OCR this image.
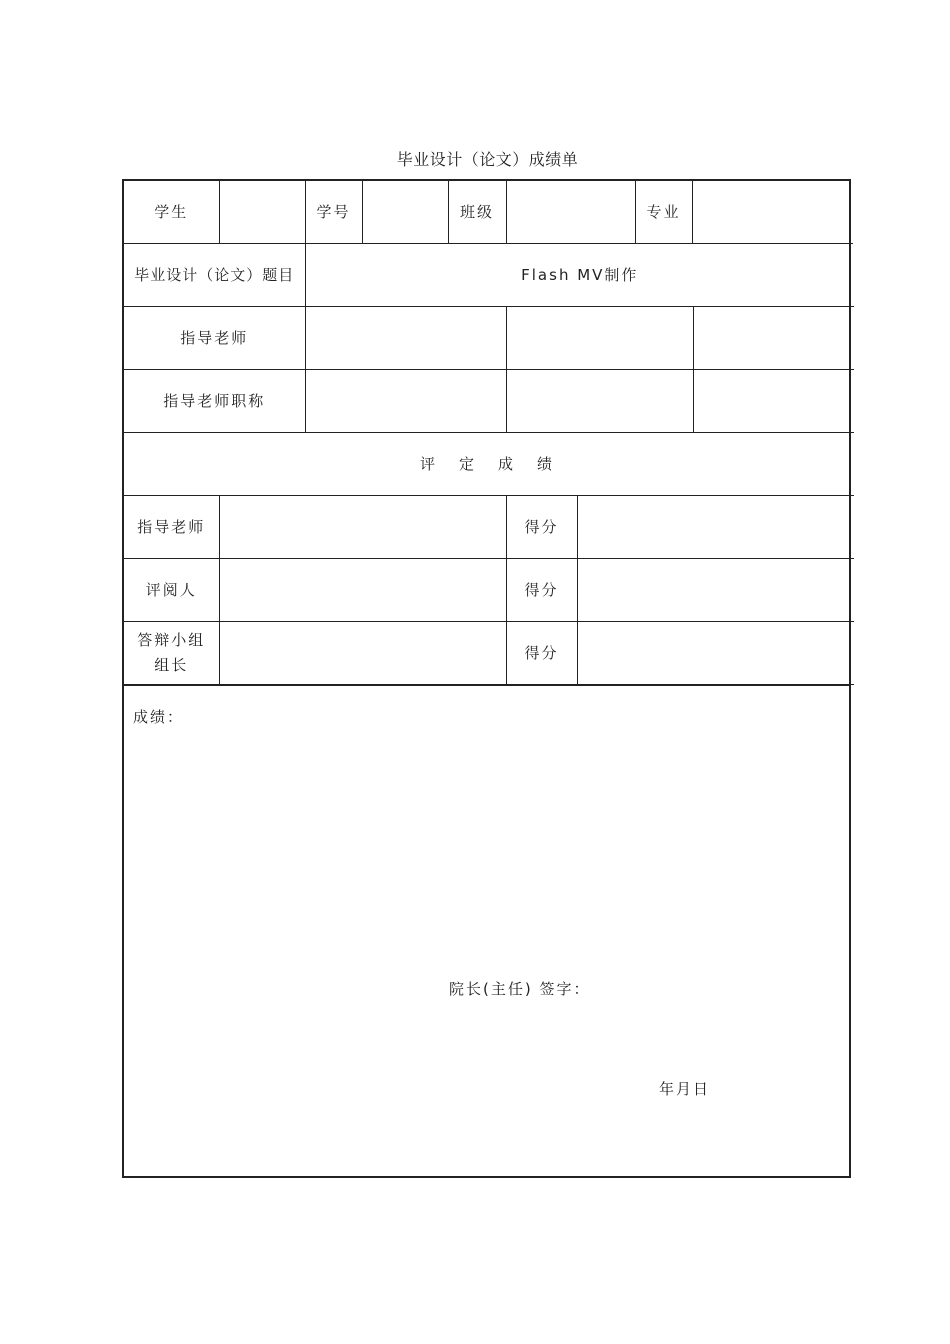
毕业设计（论文）成绩单
学生		学号		班级		专业	
毕业设计（论文）题目		Flash MV制作			
指导老师					
指导老师职称					
评定成绩					
指导老师			得分		
评阅人			得分		
答辩小组组长			得分		
成绩：
院长(主任) 签字：
年月日
